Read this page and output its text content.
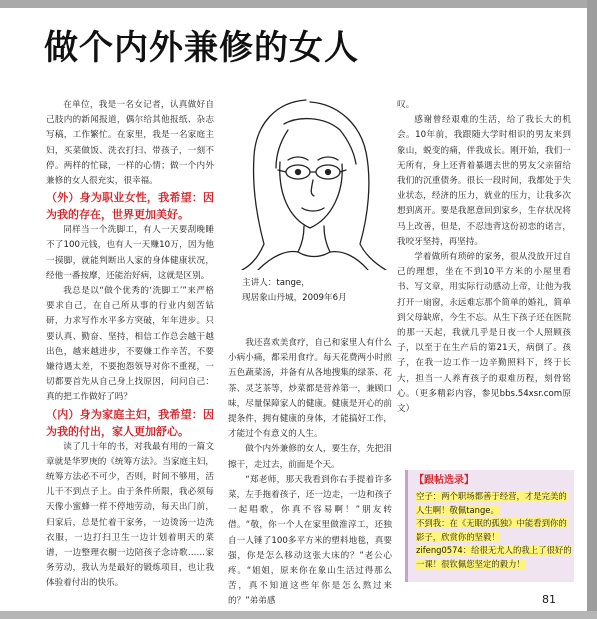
做个内外兼修的女人

在单位，我是一名女记者，认真做好自己肢内的新闻报道，偶尔给其他报纸、杂志写稿，工作繁忙。在家里，我是一名家庭主妇，买菜做饭、洗衣打扫、带孩子，一刻不停。两样的忙碌，一样的心情；做一个内外兼修的女人很充实，很幸福。

（外）身为职业女性，我希望：因为我的存在，世界更加美好。

同样当一个洗脚工，有人一天要刮晚睡不了100元钱，也有人一天赚10万，因为他一摸脚，就能判断出人家的身体健康状况，经他一番按摩，还能治好病，这就是区别。

我总是以“做个优秀的‘洗脚工’”来严格要求自己，在自己所从事的行业内刻苦钻研，力求写作水平多方突破，年年进步。只要认真、勤奋、坚持，相信工作总会越干越出色，越来越进步，不要嫌工作辛苦，不要嫌待遇太差，不要抱怨领导对你不重视，一切都要首先从自己身上找原因，问问自己：真的把工作做好了吗？

（内）身为家庭主妇，我希望：因为我的付出，家人更加舒心。

读了几十年的书，对我最有用的一篇文章就是华罗庚的《统筹方法》。当家庭主妇，统筹方法必不可少，否则，时间不够用，活儿干不到点子上。由于条件所限，我必须每天像小蜜蜂一样不停地劳动，每天出门前，归家后，总是忙着干家务，一边烫汤一边洗衣服，一边打扫卫生一边计划着明天的菜谱，一边整理衣橱一边陪孩子念诗歌……家务劳动，我认为是最好的锻炼项目，也让我体验着付出的快乐。

主讲人：tange，
现居象山丹城，2009年6月

我还喜欢美食疗，自己和家里人有什么小病小痛，都采用食疗。每天花费两小时煎五色蔬菜汤，并备有从各地搜集的绿茶、花茶、灵芝茶等，炒菜都是营养第一，兼顾口味，尽量保障家人的健康。健康是开心的前提条件，拥有健康的身体，才能搞好工作，才能过个有意义的人生。

做个内外兼修的女人，要生存，先把泪擦干，走过去，前面是个天。

“郑老师，那天我看到你右手提着许多菜，左手拖着孩子，还一边走，一边和孩子一起唱歌，你真不容易啊！”朋友转借。“敬，你一个人在家里做淮淳工，还独自一人锤了100多平方米的塑料地毯，真要强，你是怎么移动这张大床的？”老公心疼。“姐姐，原来你在象山生活过得那么苦，真不知道这些年你是怎么熬过来的？”弟弟感

叹。

感谢曾经艰难的生活，给了我长大的机会。10年前，我跟随大学时相识的男友来到象山，蜕变的痛，伴我成长。刚开始，我们一无所有，身上还背着暴遇去世的男友父亲留给我们的沉重债务。很长一段时间，我都处于失业状态，经济的压力，就业的压力，让我多次想到离开。要是我愿意回到家乡，生存状况将马上改善，但是，不忍违背这份初恋的诺言，我咬牙坚持，再坚持。

学着做所有琐碎的家务，很从没放开过自己的理想，坐在不到10平方米的小屋里看书、写文章，用实际行动感动上帝，让他为我打开一扇窗，永远难忘那个简单的婚礼，简单到父母缺席，今生不忘。从生下孩子还在医院的那一天起，我就几乎是日夜一个人照顾孩子，以至于在生产后的第21天，病倒了。孩子，在我一边工作一边辛勤照料下，终于长大，担当一人养育孩子的艰难历程，刻骨铭心。（更多精彩内容，参见bbs.54xsr.com原文）

【跟帖选录】

空子：两个职场都善于经营，才是完美的人生啊！敬佩tange。

不到我：在《无眠的孤独》中能看到你的影子，欣赏你的坚毅！

zifeng0574：给很无尤人的我上了很好的一课！很钦佩您坚定的毅力！

81
